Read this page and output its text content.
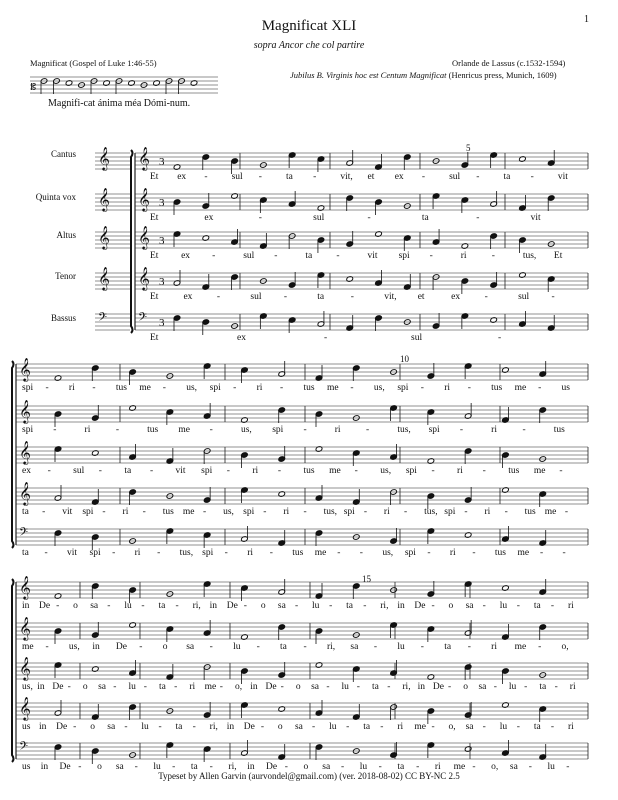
1
Magnificat XLI
sopra Ancor che col partire
Magnificat (Gospel of Luke 1:46-55)	Orlande de Lassus (c.1532-1594)
Jubilus B. Virginis hoc est Centum Magnificat (Henricus press, Munich, 1609)
Magnifi-cat ánima méa Dómi-num.
Cantus
Quinta vox
Altus
Tenor
Bassus
5
10
15
𝄡
𝄞 𝄞 3
𝄞 𝄞 3
𝄞 𝄞 3
𝄞 𝄞 3
𝄢 𝄢 3
𝄞
𝄞
𝄞
𝄞
𝄢
𝄞
𝄞
𝄞
𝄞
𝄢
Et ex -	sul -	ta -	vit, et ex -	sul -	ta -	vit
Et	ex	-	sul	-	ta	-	vit
Et ex -	sul -	ta	-	vit spi -	ri	-	tus, Et
Et	ex	-	sul -	ta	-	vit, et	ex	-	sul -
Et	ex	-	sul	-
spi - ri - tus me - us, spi - ri - tus me - us, spi - ri - tus me - us
spi -	ri	-	tus me -	us, spi -	ri	-	tus, spi -	ri	-	tus
ex - sul - ta - vit spi - ri - tus me - us, spi - ri - tus me -
ta - vit spi - ri - tus me - us, spi - ri - tus, spi - ri - tus, spi - ri - tus me -
ta - vit spi - ri - tus, spi - ri - tus me - - us, spi - ri - tus me - -
in De - o sa - lu - ta - ri, in De - o sa - lu - ta - ri, in De - o sa - lu - ta - ri
me - us, in De - o sa - lu - ta - ri, sa - lu - ta - ri me - o,
us, in De - o sa - lu - ta - ri me - o, in De - o sa - lu - ta - ri, in De - o sa - lu - ta - ri
us in De - o sa - lu - ta - ri, in De - o sa - lu - ta - ri me - o, sa - lu - ta - ri
us in De - o sa - lu - ta - ri, in De - o sa - lu - ta - ri me - o, sa - lu -
Typeset by Allen Garvin (aurvondel@gmail.com) (ver. 2018-08-02) CC BY-NC 2.5
